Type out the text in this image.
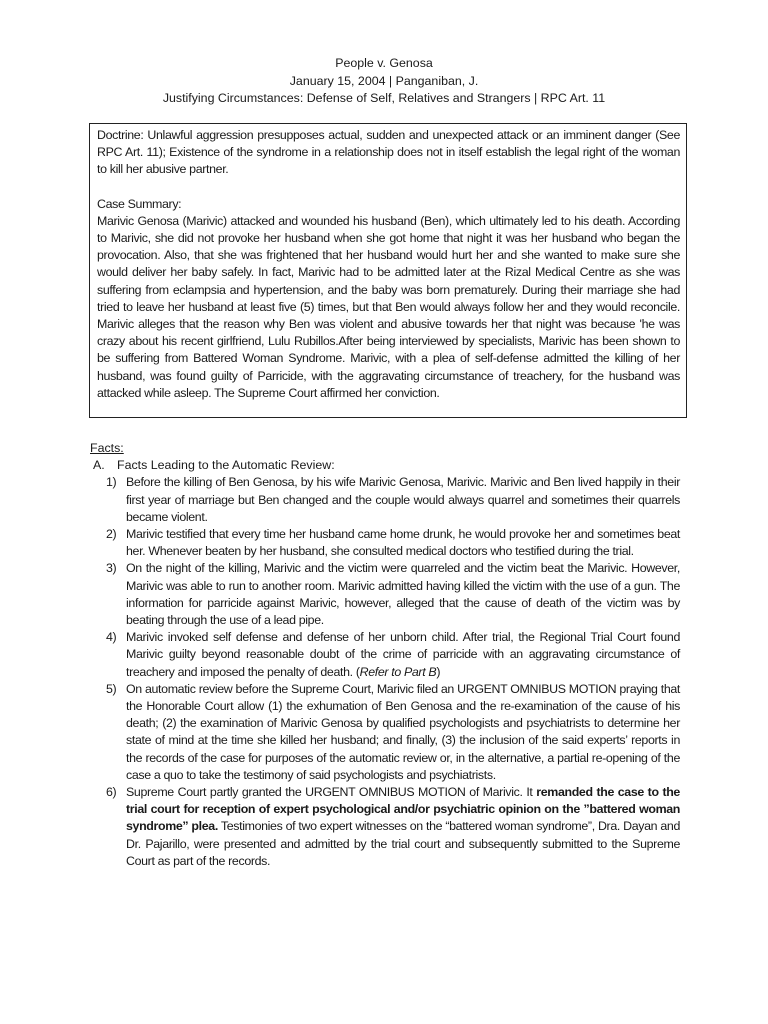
People v. Genosa
January 15, 2004 | Panganiban, J.
Justifying Circumstances: Defense of Self, Relatives and Strangers | RPC Art. 11

Doctrine: Unlawful aggression presupposes actual, sudden and unexpected attack or an imminent danger (See RPC Art. 11); Existence of the syndrome in a relationship does not in itself establish the legal right of the woman to kill her abusive partner.

Case Summary:

Marivic Genosa (Marivic) attacked and wounded his husband (Ben), which ultimately led to his death. According to Marivic, she did not provoke her husband when she got home that night it was her husband who began the provocation. Also, that she was frightened that her husband would hurt her and she wanted to make sure she would deliver her baby safely. In fact, Marivic had to be admitted later at the Rizal Medical Centre as she was suffering from eclampsia and hypertension, and the baby was born prematurely. During their marriage she had tried to leave her husband at least five (5) times, but that Ben would always follow her and they would reconcile. Marivic alleges that the reason why Ben was violent and abusive towards her that night was because 'he was crazy about his recent girlfriend, Lulu Rubillos.After being interviewed by specialists, Marivic has been shown to be suffering from Battered Woman Syndrome. Marivic, with a plea of self-defense admitted the killing of her husband, was found guilty of Parricide, with the aggravating circumstance of treachery, for the husband was attacked while asleep. The Supreme Court affirmed her conviction.

Facts:
A. Facts Leading to the Automatic Review:
1) Before the killing of Ben Genosa, by his wife Marivic Genosa, Marivic. Marivic and Ben lived happily in their first year of marriage but Ben changed and the couple would always quarrel and sometimes their quarrels became violent.
2) Marivic testified that every time her husband came home drunk, he would provoke her and sometimes beat her. Whenever beaten by her husband, she consulted medical doctors who testified during the trial.
3) On the night of the killing, Marivic and the victim were quarreled and the victim beat the Marivic. However, Marivic was able to run to another room. Marivic admitted having killed the victim with the use of a gun. The information for parricide against Marivic, however, alleged that the cause of death of the victim was by beating through the use of a lead pipe.
4) Marivic invoked self defense and defense of her unborn child. After trial, the Regional Trial Court found Marivic guilty beyond reasonable doubt of the crime of parricide with an aggravating circumstance of treachery and imposed the penalty of death. (Refer to Part B)
5) On automatic review before the Supreme Court, Marivic filed an URGENT OMNIBUS MOTION praying that the Honorable Court allow (1) the exhumation of Ben Genosa and the re-examination of the cause of his death; (2) the examination of Marivic Genosa by qualified psychologists and psychiatrists to determine her state of mind at the time she killed her husband; and finally, (3) the inclusion of the said experts’ reports in the records of the case for purposes of the automatic review or, in the alternative, a partial re-opening of the case a quo to take the testimony of said psychologists and psychiatrists.
6) Supreme Court partly granted the URGENT OMNIBUS MOTION of Marivic. It remanded the case to the trial court for reception of expert psychological and/or psychiatric opinion on the ”battered woman syndrome” plea. Testimonies of two expert witnesses on the “battered woman syndrome”, Dra. Dayan and Dr. Pajarillo, were presented and admitted by the trial court and subsequently submitted to the Supreme Court as part of the records.
